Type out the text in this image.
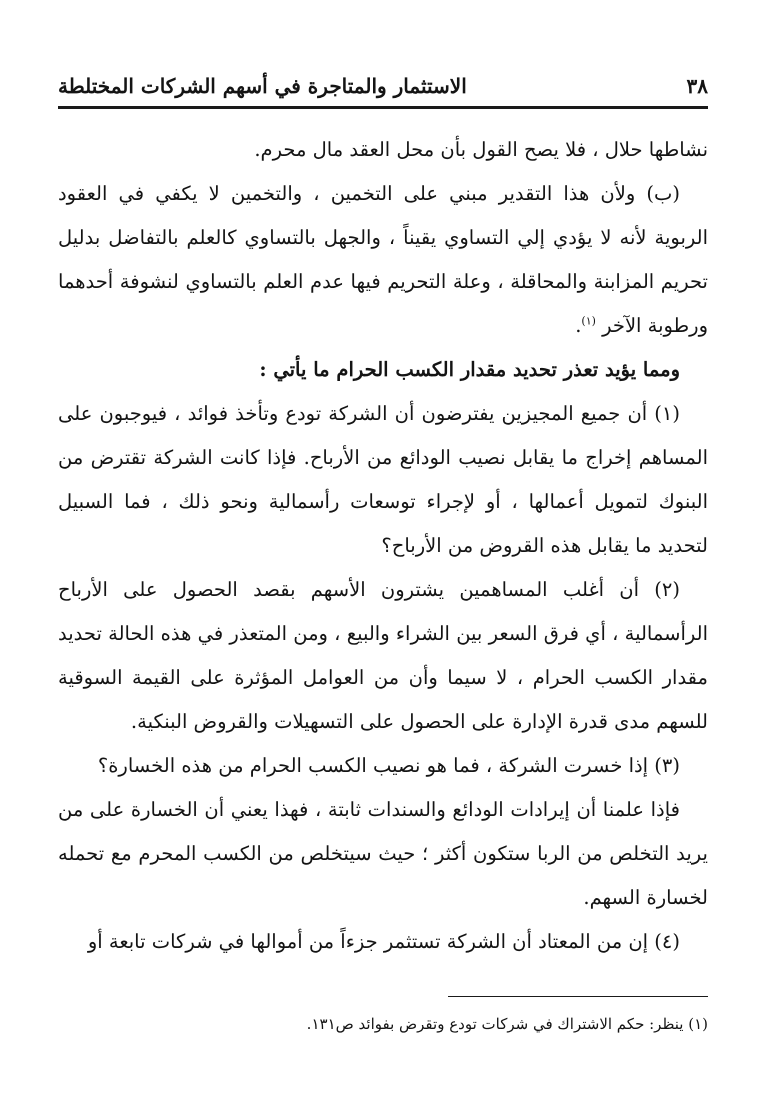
٣٨
الاستثمار والمتاجرة في أسهم الشركات المختلطة

نشاطها حلال ، فلا يصح القول بأن محل العقد مال محرم.

(ب) ولأن هذا التقدير مبني على التخمين ، والتخمين لا يكفي في العقود الربوية لأنه لا يؤدي إلي التساوي يقيناً ، والجهل بالتساوي كالعلم بالتفاضل بدليل تحريم المزابنة والمحاقلة ، وعلة التحريم فيها عدم العلم بالتساوي لنشوفة أحدهما ورطوبة الآخر $^{(١)}$.

ومما يؤيد تعذر تحديد مقدار الكسب الحرام ما يأتي :

(١) أن جميع المجيزين يفترضون أن الشركة تودع وتأخذ فوائد ، فيوجبون على المساهم إخراج ما يقابل نصيب الودائع من الأرباح. فإذا كانت الشركة تقترض من البنوك لتمويل أعمالها ، أو لإجراء توسعات رأسمالية ونحو ذلك ، فما السبيل لتحديد ما يقابل هذه القروض من الأرباح؟

(٢) أن أغلب المساهمين يشترون الأسهم بقصد الحصول على الأرباح الرأسمالية ، أي فرق السعر بين الشراء والبيع ، ومن المتعذر في هذه الحالة تحديد مقدار الكسب الحرام ، لا سيما وأن من العوامل المؤثرة على القيمة السوقية للسهم مدى قدرة الإدارة على الحصول على التسهيلات والقروض البنكية.

(٣) إذا خسرت الشركة ، فما هو نصيب الكسب الحرام من هذه الخسارة؟

فإذا علمنا أن إيرادات الودائع والسندات ثابتة ، فهذا يعني أن الخسارة على من يريد التخلص من الربا ستكون أكثر ؛ حيث سيتخلص من الكسب المحرم مع تحمله لخسارة السهم.

(٤) إن من المعتاد أن الشركة تستثمر جزءاً من أموالها في شركات تابعة أو

(١) ينظر: حكم الاشتراك في شركات تودع وتقرض بفوائد ص١٣١.
